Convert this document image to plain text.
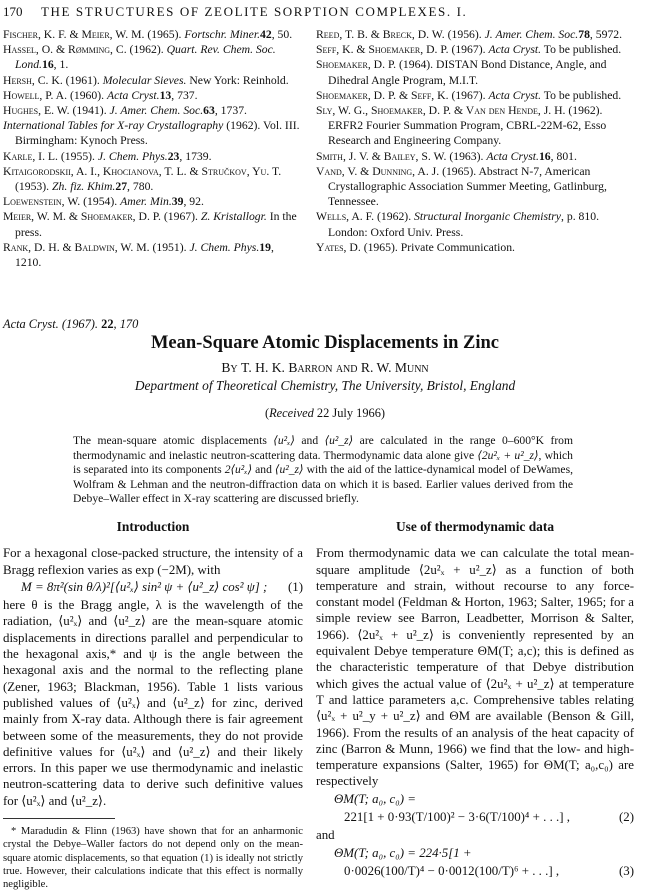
170 THE STRUCTURES OF ZEOLITE SORPTION COMPLEXES. I.

Fischer, K. F. & Meier, W. M. (1965). Fortschr. Miner.42, 50.

Hassel, O. & Rømming, C. (1962). Quart. Rev. Chem. Soc. Lond.16, 1.

Hersh, C. K. (1961). Molecular Sieves. New York: Reinhold.

Howell, P. A. (1960). Acta Cryst.13, 737.

Hughes, E. W. (1941). J. Amer. Chem. Soc.63, 1737.

International Tables for X-ray Crystallography (1962). Vol. III. Birmingham: Kynoch Press.

Karle, I. L. (1955). J. Chem. Phys.23, 1739.

Kitaigorodskii, A. I., Khocianova, T. L. & Stručkov, Yu. T. (1953). Zh. fiz. Khim.27, 780.

Loewenstein, W. (1954). Amer. Min.39, 92.

Meier, W. M. & Shoemaker, D. P. (1967). Z. Kristallogr. In the press.

Rank, D. H. & Baldwin, W. M. (1951). J. Chem. Phys.19, 1210.

Reed, T. B. & Breck, D. W. (1956). J. Amer. Chem. Soc.78, 5972.

Seff, K. & Shoemaker, D. P. (1967). Acta Cryst. To be published.

Shoemaker, D. P. (1964). DISTAN Bond Distance, Angle, and Dihedral Angle Program, M.I.T.

Shoemaker, D. P. & Seff, K. (1967). Acta Cryst. To be published.

Sly, W. G., Shoemaker, D. P. & Van den Hende, J. H. (1962). ERFR2 Fourier Summation Program, CBRL-22M-62, Esso Research and Engineering Company.

Smith, J. V. & Bailey, S. W. (1963). Acta Cryst.16, 801.

Vand, V. & Dunning, A. J. (1965). Abstract N-7, American Crystallographic Association Summer Meeting, Gatlinburg, Tennessee.

Wells, A. F. (1962). Structural Inorganic Chemistry, p. 810. London: Oxford Univ. Press.

Yates, D. (1965). Private Communication.

Acta Cryst. (1967). 22, 170
Mean-Square Atomic Displacements in Zinc
By T. H. K. Barron and R. W. Munn
Department of Theoretical Chemistry, The University, Bristol, England
(Received 22 July 1966)
The mean-square atomic displacements ⟨u²ₓ⟩ and ⟨u²_z⟩ are calculated in the range 0–600°K from thermodynamic and inelastic neutron-scattering data. Thermodynamic data alone give ⟨2u²ₓ + u²_z⟩, which is separated into its components 2⟨u²ₓ⟩ and ⟨u²_z⟩ with the aid of the lattice-dynamical model of DeWames, Wolfram & Lehman and the neutron-diffraction data on which it is based. Earlier values derived from the Debye–Waller effect in X-ray scattering are discussed briefly.
Introduction

For a hexagonal close-packed structure, the intensity of a Bragg reflexion varies as exp (−2M), with

M = 8π²(sin θ/λ)²[⟨u²ₓ⟩ sin² ψ + ⟨u²_z⟩ cos² ψ] ; (1)

here θ is the Bragg angle, λ is the wavelength of the radiation, ⟨u²ₓ⟩ and ⟨u²_z⟩ are the mean-square atomic displacements in directions parallel and perpendicular to the hexagonal axis,* and ψ is the angle between the hexagonal axis and the normal to the reflecting plane (Zener, 1963; Blackman, 1956). Table 1 lists various published values of ⟨u²ₓ⟩ and ⟨u²_z⟩ for zinc, derived mainly from X-ray data. Although there is fair agreement between some of the measurements, they do not provide definitive values for ⟨u²ₓ⟩ and ⟨u²_z⟩ and their likely errors. In this paper we use thermodynamic and inelastic neutron-scattering data to derive such definitive values for ⟨u²ₓ⟩ and ⟨u²_z⟩.

* Maradudin & Flinn (1963) have shown that for an anharmonic crystal the Debye–Waller factors do not depend only on the mean-square atomic displacements, so that equation (1) is ideally not strictly true. However, their calculations indicate that this effect is normally negligible.

Use of thermodynamic data

From thermodynamic data we can calculate the total mean-square amplitude ⟨2u²ₓ + u²_z⟩ as a function of both temperature and strain, without recourse to any force-constant model (Feldman & Horton, 1963; Salter, 1965; for a simple review see Barron, Leadbetter, Morrison & Salter, 1966). ⟨2u²ₓ + u²_z⟩ is conveniently represented by an equivalent Debye temperature ΘM(T; a,c); this is defined as the characteristic temperature of that Debye distribution which gives the actual value of ⟨2u²ₓ + u²_z⟩ at temperature T and lattice parameters a,c. Comprehensive tables relating ⟨u²ₓ + u²_y + u²_z⟩ and ΘM are available (Benson & Gill, 1966). From the results of an analysis of the heat capacity of zinc (Barron & Munn, 1966) we find that the low- and high-temperature expansions (Salter, 1965) for ΘM(T; a₀,c₀) are respectively

ΘM(T; a₀, c₀) =
221[1 + 0·93(T/100)² − 3·6(T/100)⁴ + . . .] ,	(2)

and

ΘM(T; a₀, c₀) = 224·5[1 +
0·0026(100/T)⁴ − 0·0012(100/T)⁶ + . . .] ,	(3)
